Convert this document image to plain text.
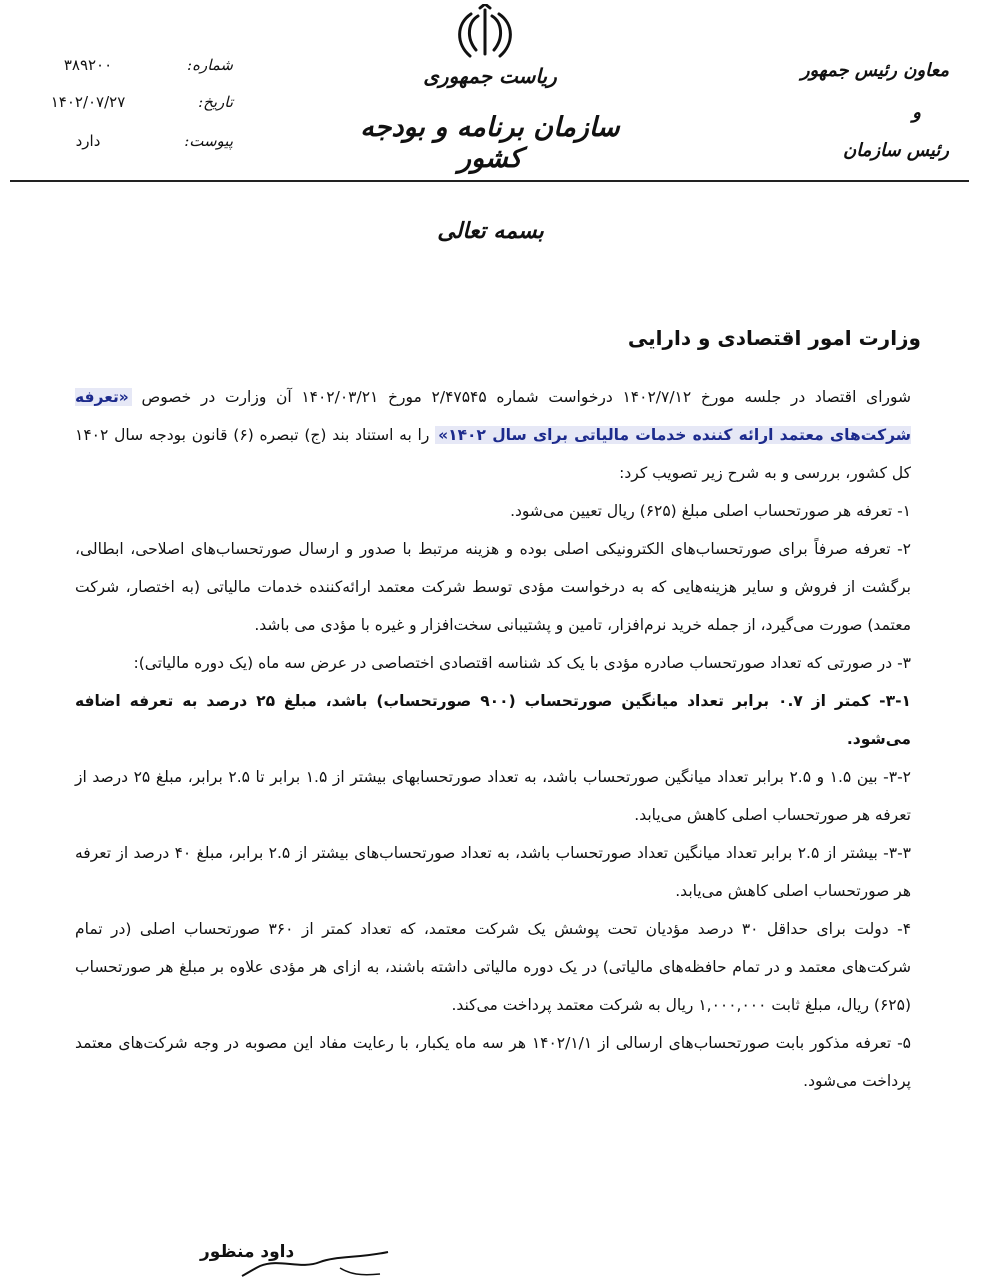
ریاست جمهوری
سازمان برنامه و بودجه کشور
شماره:
۳۸۹۲۰۰
تاریخ:
۱۴۰۲/۰۷/۲۷
پیوست:
دارد
معاون رئیس جمهور
و
رئیس سازمان
بسمه تعالی
وزارت امور اقتصادی و دارایی

شورای اقتصاد در جلسه مورخ ۱۴۰۲/۷/۱۲ درخواست شماره ۲/۴۷۵۴۵ مورخ ۱۴۰۲/۰۳/۲۱ آن وزارت در خصوص «تعرفه شرکت‌های معتمد ارائه کننده خدمات مالیاتی برای سال ۱۴۰۲» را به استناد بند (ج) تبصره (۶) قانون بودجه سال ۱۴۰۲ کل کشور، بررسی و به شرح زیر تصویب کرد:

۱- تعرفه هر صورتحساب اصلی مبلغ (۶۲۵) ریال تعیین می‌شود.

۲- تعرفه صرفاً برای صورتحساب‌های الکترونیکی اصلی بوده و هزینه مرتبط با صدور و ارسال صورتحساب‌های اصلاحی، ابطالی، برگشت از فروش و سایر هزینه‌هایی که به درخواست مؤدی توسط شرکت معتمد ارائه‌کننده خدمات مالیاتی (به اختصار، شرکت معتمد) صورت می‌گیرد، از جمله خرید نرم‌افزار، تامین و پشتیبانی سخت‌افزار و غیره با مؤدی می باشد.

۳- در صورتی که تعداد صورتحساب صادره مؤدی با یک کد شناسه اقتصادی اختصاصی در عرض سه ماه (یک دوره مالیاتی):

۳-۱- کمتر از ۰.۷ برابر تعداد میانگین صورتحساب (۹۰۰ صورتحساب) باشد، مبلغ ۲۵ درصد به تعرفه اضافه می‌شود.

۳-۲- بین ۱.۵ و ۲.۵ برابر تعداد میانگین صورتحساب باشد، به تعداد صورتحسابهای بیشتر از ۱.۵ برابر تا ۲.۵ برابر، مبلغ ۲۵ درصد از تعرفه هر صورتحساب اصلی کاهش می‌یابد.

۳-۳- بیشتر از ۲.۵ برابر تعداد میانگین تعداد صورتحساب باشد، به تعداد صورتحساب‌های بیشتر از ۲.۵ برابر، مبلغ ۴۰ درصد از تعرفه هر صورتحساب اصلی کاهش می‌یابد.

۴- دولت برای حداقل ۳۰ درصد مؤدیان تحت پوشش یک شرکت معتمد، که تعداد کمتر از ۳۶۰ صورتحساب اصلی (در تمام شرکت‌های معتمد و در تمام حافظه‌های مالیاتی) در یک دوره مالیاتی داشته باشند، به ازای هر مؤدی علاوه بر مبلغ هر صورتحساب (۶۲۵) ریال، مبلغ ثابت ۱,۰۰۰,۰۰۰ ریال به شرکت معتمد پرداخت می‌کند.

۵- تعرفه مذکور بابت صورتحساب‌های ارسالی از ۱۴۰۲/۱/۱ هر سه ماه یکبار، با رعایت مفاد این مصوبه در وجه شرکت‌های معتمد پرداخت می‌شود.

داود منظور
